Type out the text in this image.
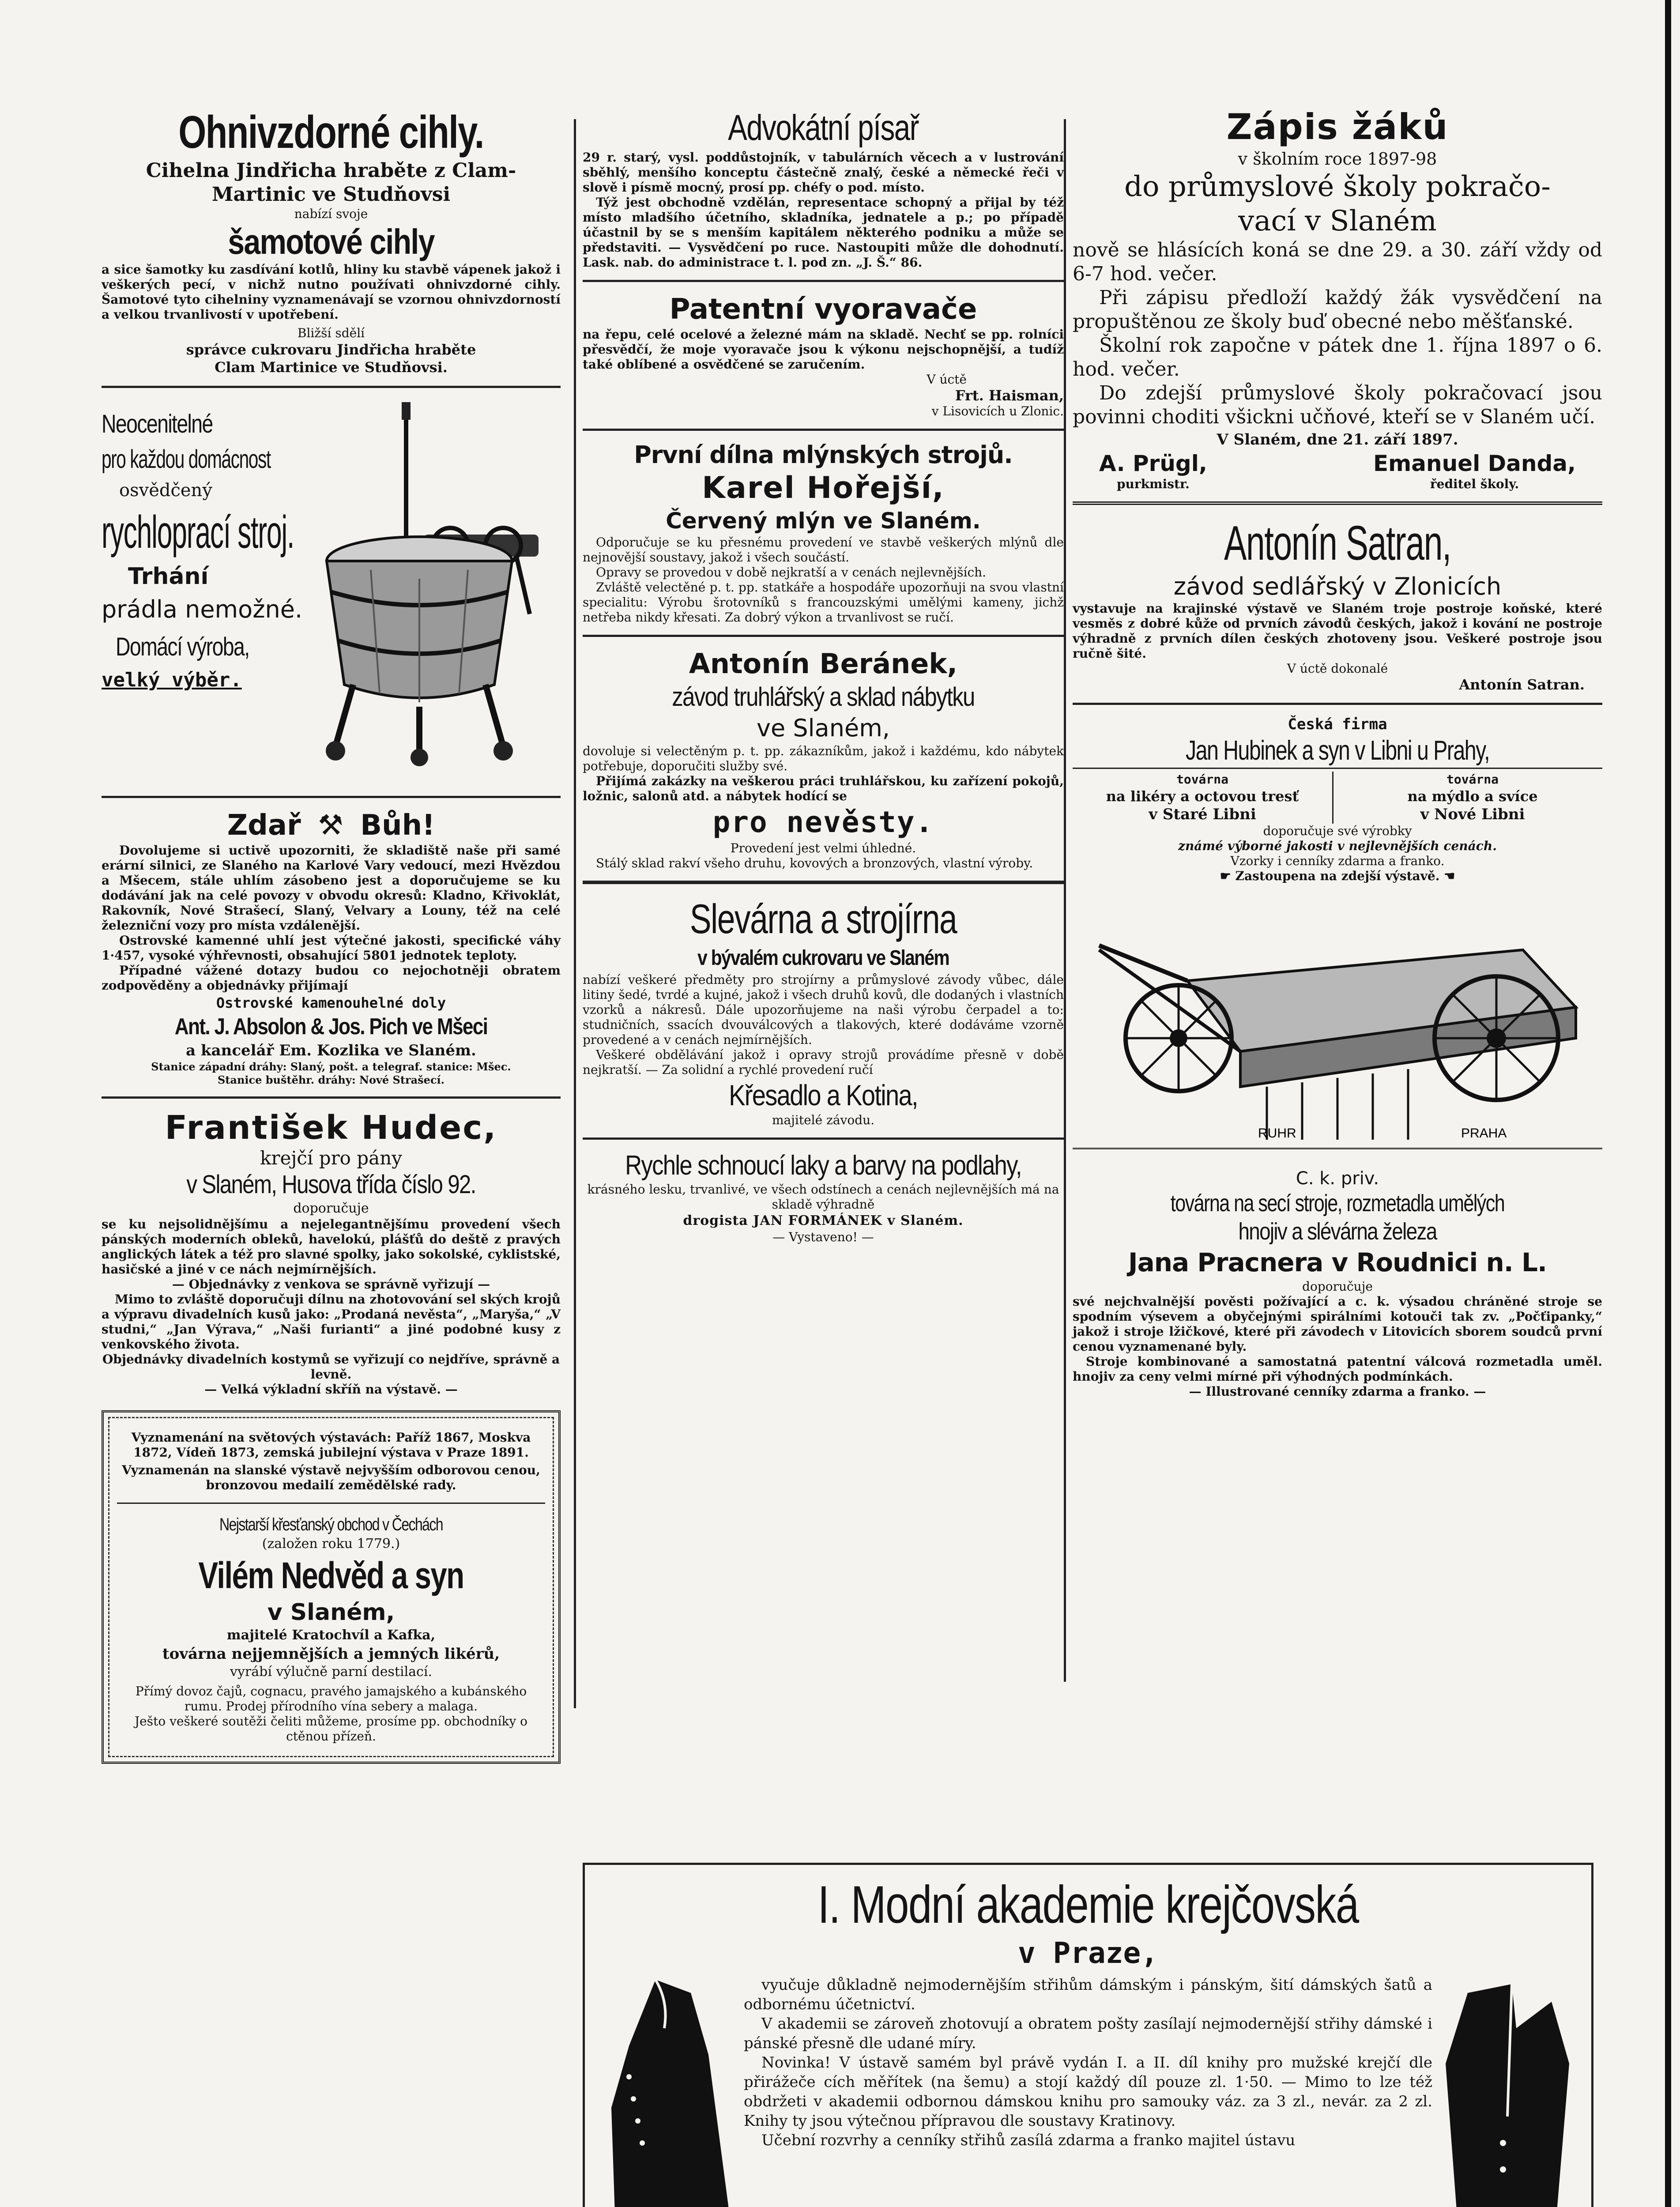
Ohnivzdorné cihly.
Cihelna Jindřicha hraběte z Clam-
Martinic ve Studňovsi
nabízí svoje
šamotové cihly

a sice šamotky ku zasdívání kotlů, hliny ku stavbě vápenek jakož i veškerých pecí, v nichž nutno používati ohnivzdorné cihly. Šamotové tyto cihelniny vyznamenávají se vzornou ohnivzdorností a velkou trvanlivostí v upotřebení.

Bližší sdělí
správce cukrovaru Jindřicha hraběte
Clam Martinice ve Studňovsi.
Neocenitelné
pro každou domácnost
osvědčený
rychloprací stroj.
Trhání
prádla nemožné.
Domácí výroba,
velký výběr.
Zdař ⚒ Bůh!

Dovolujeme si uctivě upozorniti, že skladiště naše při samé erární silnici, ze Slaného na Karlové Vary vedoucí, mezi Hvězdou a Mšecem, stále uhlím zásobeno jest a doporučujeme se ku dodávání jak na celé povozy v obvodu okresů: Kladno, Křivoklát, Rakovník, Nové Strašecí, Slaný, Velvary a Louny, též na celé železniční vozy pro místa vzdálenější.

Ostrovské kamenné uhlí jest výtečné jakosti, specifické váhy 1·457, vysoké výhřevnosti, obsahující 5801 jednotek teploty.

Případné vážené dotazy budou co nejochotněji obratem zodpověděny a objednávky přijímají

Ostrovské kamenouhelné doly
Ant. J. Absolon & Jos. Pich ve Mšeci
a kancelář Em. Kozlika ve Slaném.
Stanice západní dráhy: Slaný, pošt. a telegraf. stanice: Mšec.
Stanice buštěhr. dráhy: Nové Strašecí.
František Hudec,
krejčí pro pány
v Slaném, Husova třída číslo 92.
doporučuje

se ku nejsolidnějšímu a nejelegantnějšímu provedení všech pánských moderních obleků, havelokú, plášťů do deště z pravých anglických látek a též pro slavné spolky, jako sokolské, cyklistské, hasičské a jiné v ce nách nejmírnějších.

— Objednávky z venkova se správně vyřizují —

Mimo to zvláště doporučuji dílnu na zhotovování sel ských krojů a výpravu divadelních kusů jako: „Prodaná nevěsta“, „Maryša,“ „V studni,“ „Jan Výrava,“ „Naši furianti“ a jiné podobné kusy z venkovského života.

Objednávky divadelních kostymů se vyřizují co nejdříve, správně a levně.

— Velká výkladní skříň na výstavě. —

Vyznamenání na světových výstavách: Paříž 1867, Moskva 1872, Vídeň 1873, zemská jubilejní výstava v Praze 1891.

Vyznamenán na slanské výstavě nejvyšším odborovou cenou, bronzovou medailí zemědělské rady.

Nejstarší křesťanský obchod v Čechách
(založen roku 1779.)
Vilém Nedvěd a syn
v Slaném,
majitelé Kratochvíl a Kafka,
továrna nejjemnějších a jemných likérů,
vyrábí výlučně parní destilací.

Přímý dovoz čajů, cognacu, pravého jamajského a kubánského rumu. Prodej přírodního vína sebery a malaga.

Ješto veškeré soutěži čeliti můžeme, prosíme pp. obchodníky o ctěnou přízeň.

Advokátní písař

29 r. starý, vysl. poddůstojník, v tabulárních věcech a v lustrování sběhlý, menšího konceptu částečně znalý, české a německé řeči v slově i písmě mocný, prosí pp. chéfy o pod. místo.

Týž jest obchodně vzdělán, representace schopný a přijal by též místo mladšího účetního, skladníka, jednatele a p.; po případě účastnil by se s menším kapitálem některého podniku a může se představiti. — Vysvědčení po ruce. Nastoupiti může dle dohodnutí. Lask. nab. do administrace t. l. pod zn. „J. Š.“ 86.

Patentní vyoravače

na řepu, celé ocelové a železné mám na skladě. Nechť se pp. rolníci přesvědčí, že moje vyoravače jsou k výkonu nejschopnější, a tudíž také oblíbené a osvědčené se zaručením.

V úctě
Frt. Haisman,
v Lisovicích u Zlonic.
První dílna mlýnských strojů.
Karel Hořejší,
Červený mlýn ve Slaném.

Odporučuje se ku přesnému provedení ve stavbě veškerých mlýnů dle nejnovější soustavy, jakož i všech součástí.

Opravy se provedou v době nejkratší a v cenách nejlevnějších.

Zvláště velectěné p. t. pp. statkáře a hospodáře upozorňuji na svou vlastní specialitu: Výrobu šrotovníků s francouzskými umělými kameny, jichž netřeba nikdy křesati. Za dobrý výkon a trvanlivost se ručí.

Antonín Beránek,
závod truhlářský a sklad nábytku
ve Slaném,

dovoluje si velectěným p. t. pp. zákazníkům, jakož i každému, kdo nábytek potřebuje, doporučiti služby své.

Přijímá zakázky na veškerou práci truhlářskou, ku zařízení pokojů, ložnic, salonů atd. a nábytek hodící se

pro nevěsty.

Provedení jest velmi úhledné.

Stálý sklad rakví všeho druhu, kovových a bronzových, vlastní výroby.

Slevárna a strojírna
v bývalém cukrovaru ve Slaném

nabízí veškeré předměty pro strojírny a průmyslové závody vůbec, dále litiny šedé, tvrdé a kujné, jakož i všech druhů kovů, dle dodaných i vlastních vzorků a nákresů. Dále upozorňujeme na naši výrobu čerpadel a to: studničních, ssacích dvouválcových a tlakových, které dodáváme vzorně provedené a v cenách nejmírnějších.

Veškeré obdělávání jakož i opravy strojů provádíme přesně v době nejkratší. — Za solidní a rychlé provedení ručí

Křesadlo a Kotina,
majitelé závodu.
Rychle schnoucí laky a barvy na podlahy,

krásného lesku, trvanlivé, ve všech odstínech a cenách nejlevnějších má na skladě výhradně

drogista JAN FORMÁNEK v Slaném.
— Vystaveno! —
Zápis žáků
v školním roce 1897-98
do průmyslové školy pokračo-
vací v Slaném

nově se hlásících koná se dne 29. a 30. září vždy od 6-7 hod. večer.

Při zápisu předloží každý žák vysvědčení na propuštěnou ze školy buď obecné nebo měšťanské.

Školní rok započne v pátek dne 1. října 1897 o 6. hod. večer.

Do zdejší průmyslové školy pokračovací jsou povinni choditi všickni učňové, kteří se v Slaném učí.

V Slaném, dne 21. září 1897.
A. Prügl,
purkmistr.
Emanuel Danda,
ředitel školy.
Antonín Satran,
závod sedlářský v Zlonicích

vystavuje na krajinské výstavě ve Slaném troje postroje koňské, které vesměs z dobré kůže od prvních závodů českých, jakož i kování ne postroje výhradně z prvních dílen českých zhotoveny jsou. Veškeré postroje jsou ručně šité.

V úctě dokonalé
Antonín Satran.
Česká firma
Jan Hubinek a syn v Libni u Prahy,
továrna
na likéry a octovou tresť
v Staré Libni
továrna
na mýdlo a svíce
v Nové Libni
doporučuje své výrobky
známé výborné jakosti v nejlevnějších cenách.
Vzorky i cenníky zdarma a franko.
☛ Zastoupena na zdejší výstavě. ☚
RUHR	PRAHA
C. k. priv.
továrna na secí stroje, rozmetadla umělých
hnojiv a slévárna železa
Jana Pracnera v Roudnici n. L.
doporučuje

své nejchvalnější pověsti požívající a c. k. výsadou chráněné stroje se spodním výsevem a obyčejnými spirálními kotouči tak zv. „Počťipanky,“ jakož i stroje lžičkové, které při závodech v Litovicích sborem soudců první cenou vyznamenané byly.

Stroje kombinované a samostatná patentní válcová rozmetadla uměl. hnojiv za ceny velmi mírné při výhodných podmínkách.

— Illustrované cenníky zdarma a franko. —
I. Modní akademie krejčovská
v Praze,

vyučuje důkladně nejmodernějším střihům dámským i pánským, šití dámských šatů a odbornému účetnictví.

V akademii se zároveň zhotovují a obratem pošty zasílají nejmodernější střihy dámské i pánské přesně dle udané míry.

Novinka! V ústavě samém byl právě vydán I. a II. díl knihy pro mužské krejčí dle přirážeče cích měřítek (na šemu) a stojí každý díl pouze zl. 1·50. — Mimo to lze též obdržeti v akademii odbornou dámskou knihu pro samouky váz. za 3 zl., nevár. za 2 zl. Knihy ty jsou výtečnou přípravou dle soustavy Kratinovy.

Učební rozvrhy a cenníky střihů zasílá zdarma a franko majitel ústavu
